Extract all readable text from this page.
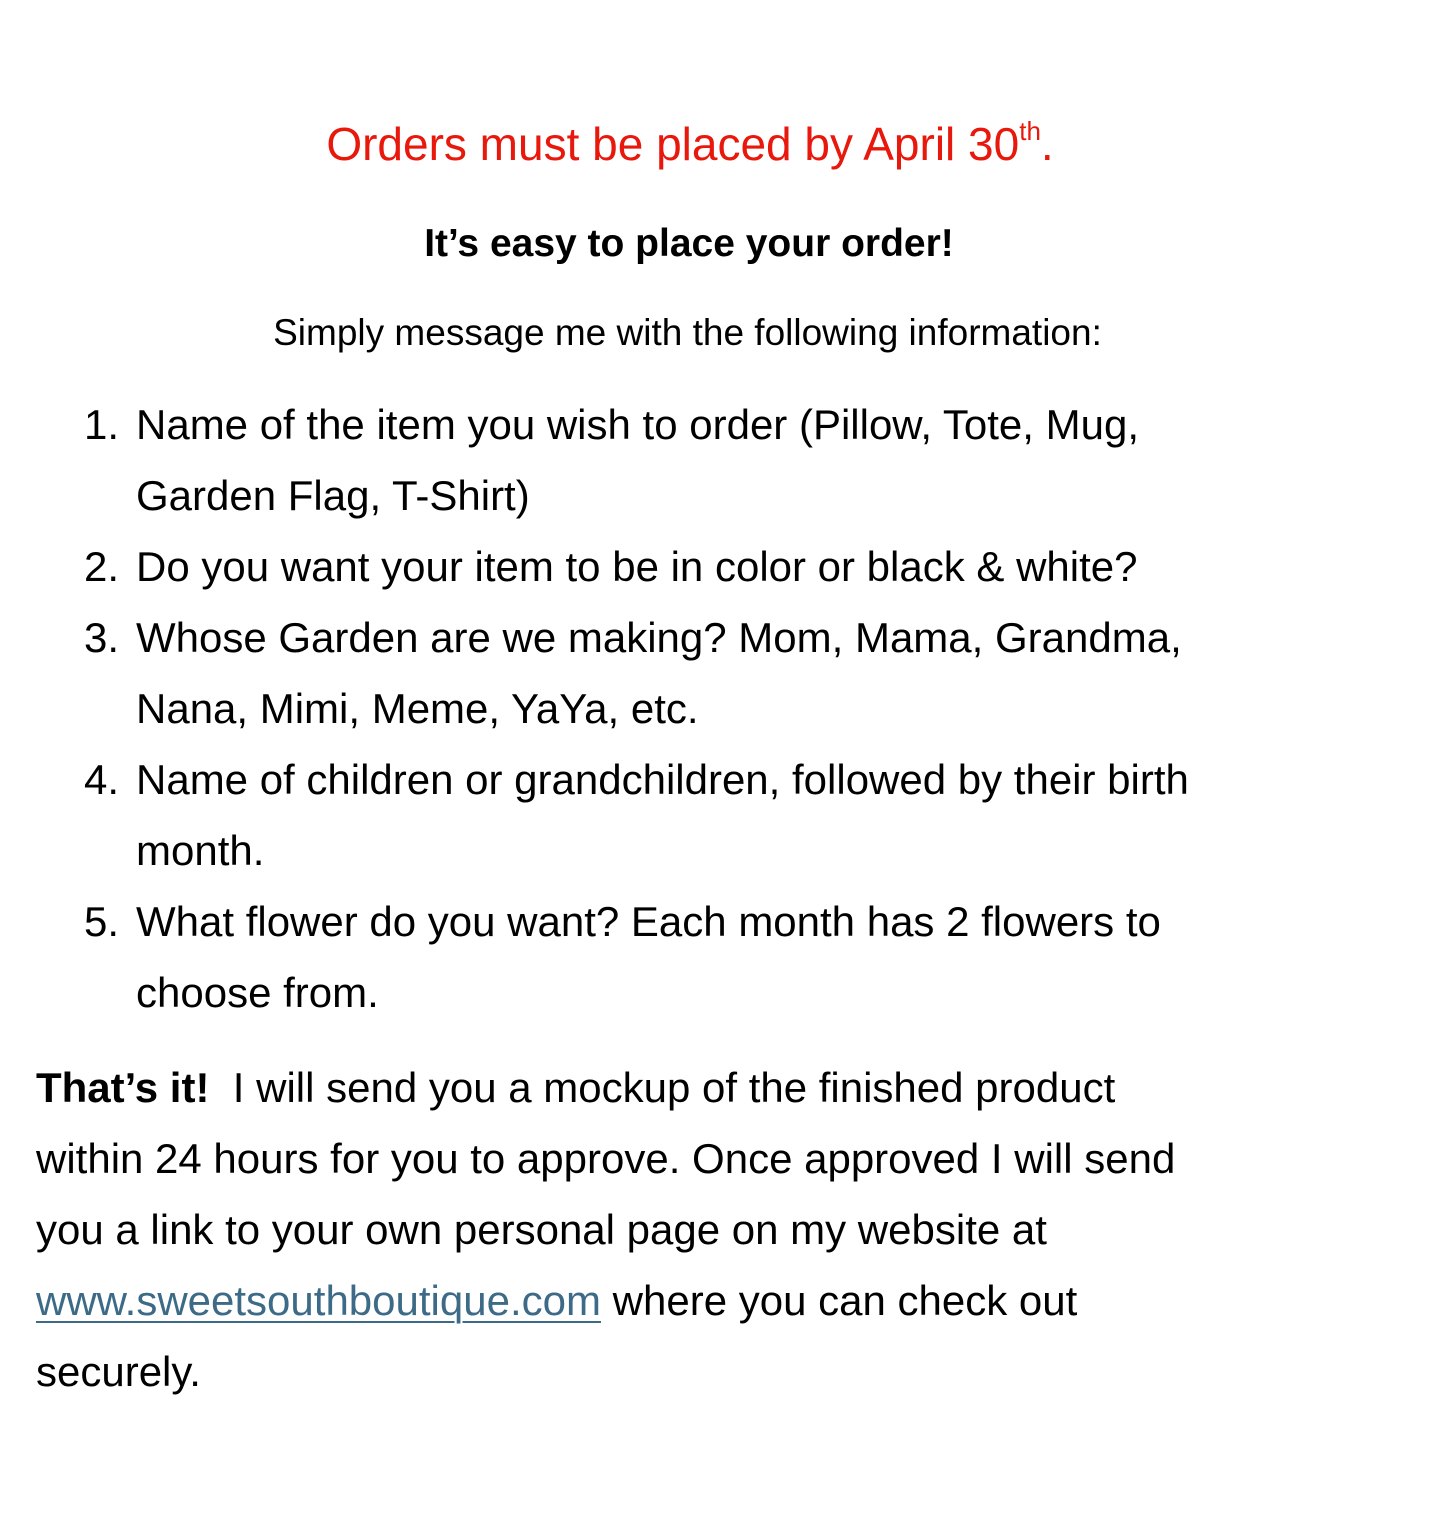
Orders must be placed by April 30th.
It’s easy to place your order!
Simply message me with the following information:
1. Name of the item you wish to order (Pillow, Tote, Mug,
Garden Flag, T-Shirt)
2. Do you want your item to be in color or black & white?
3. Whose Garden are we making? Mom, Mama, Grandma,
Nana, Mimi, Meme, YaYa, etc.
4. Name of children or grandchildren, followed by their birth
month.
5. What flower do you want? Each month has 2 flowers to
choose from.
That’s it!  I will send you a mockup of the finished product
within 24 hours for you to approve. Once approved I will send
you a link to your own personal page on my website at
www.sweetsouthboutique.com where you can check out
securely.
